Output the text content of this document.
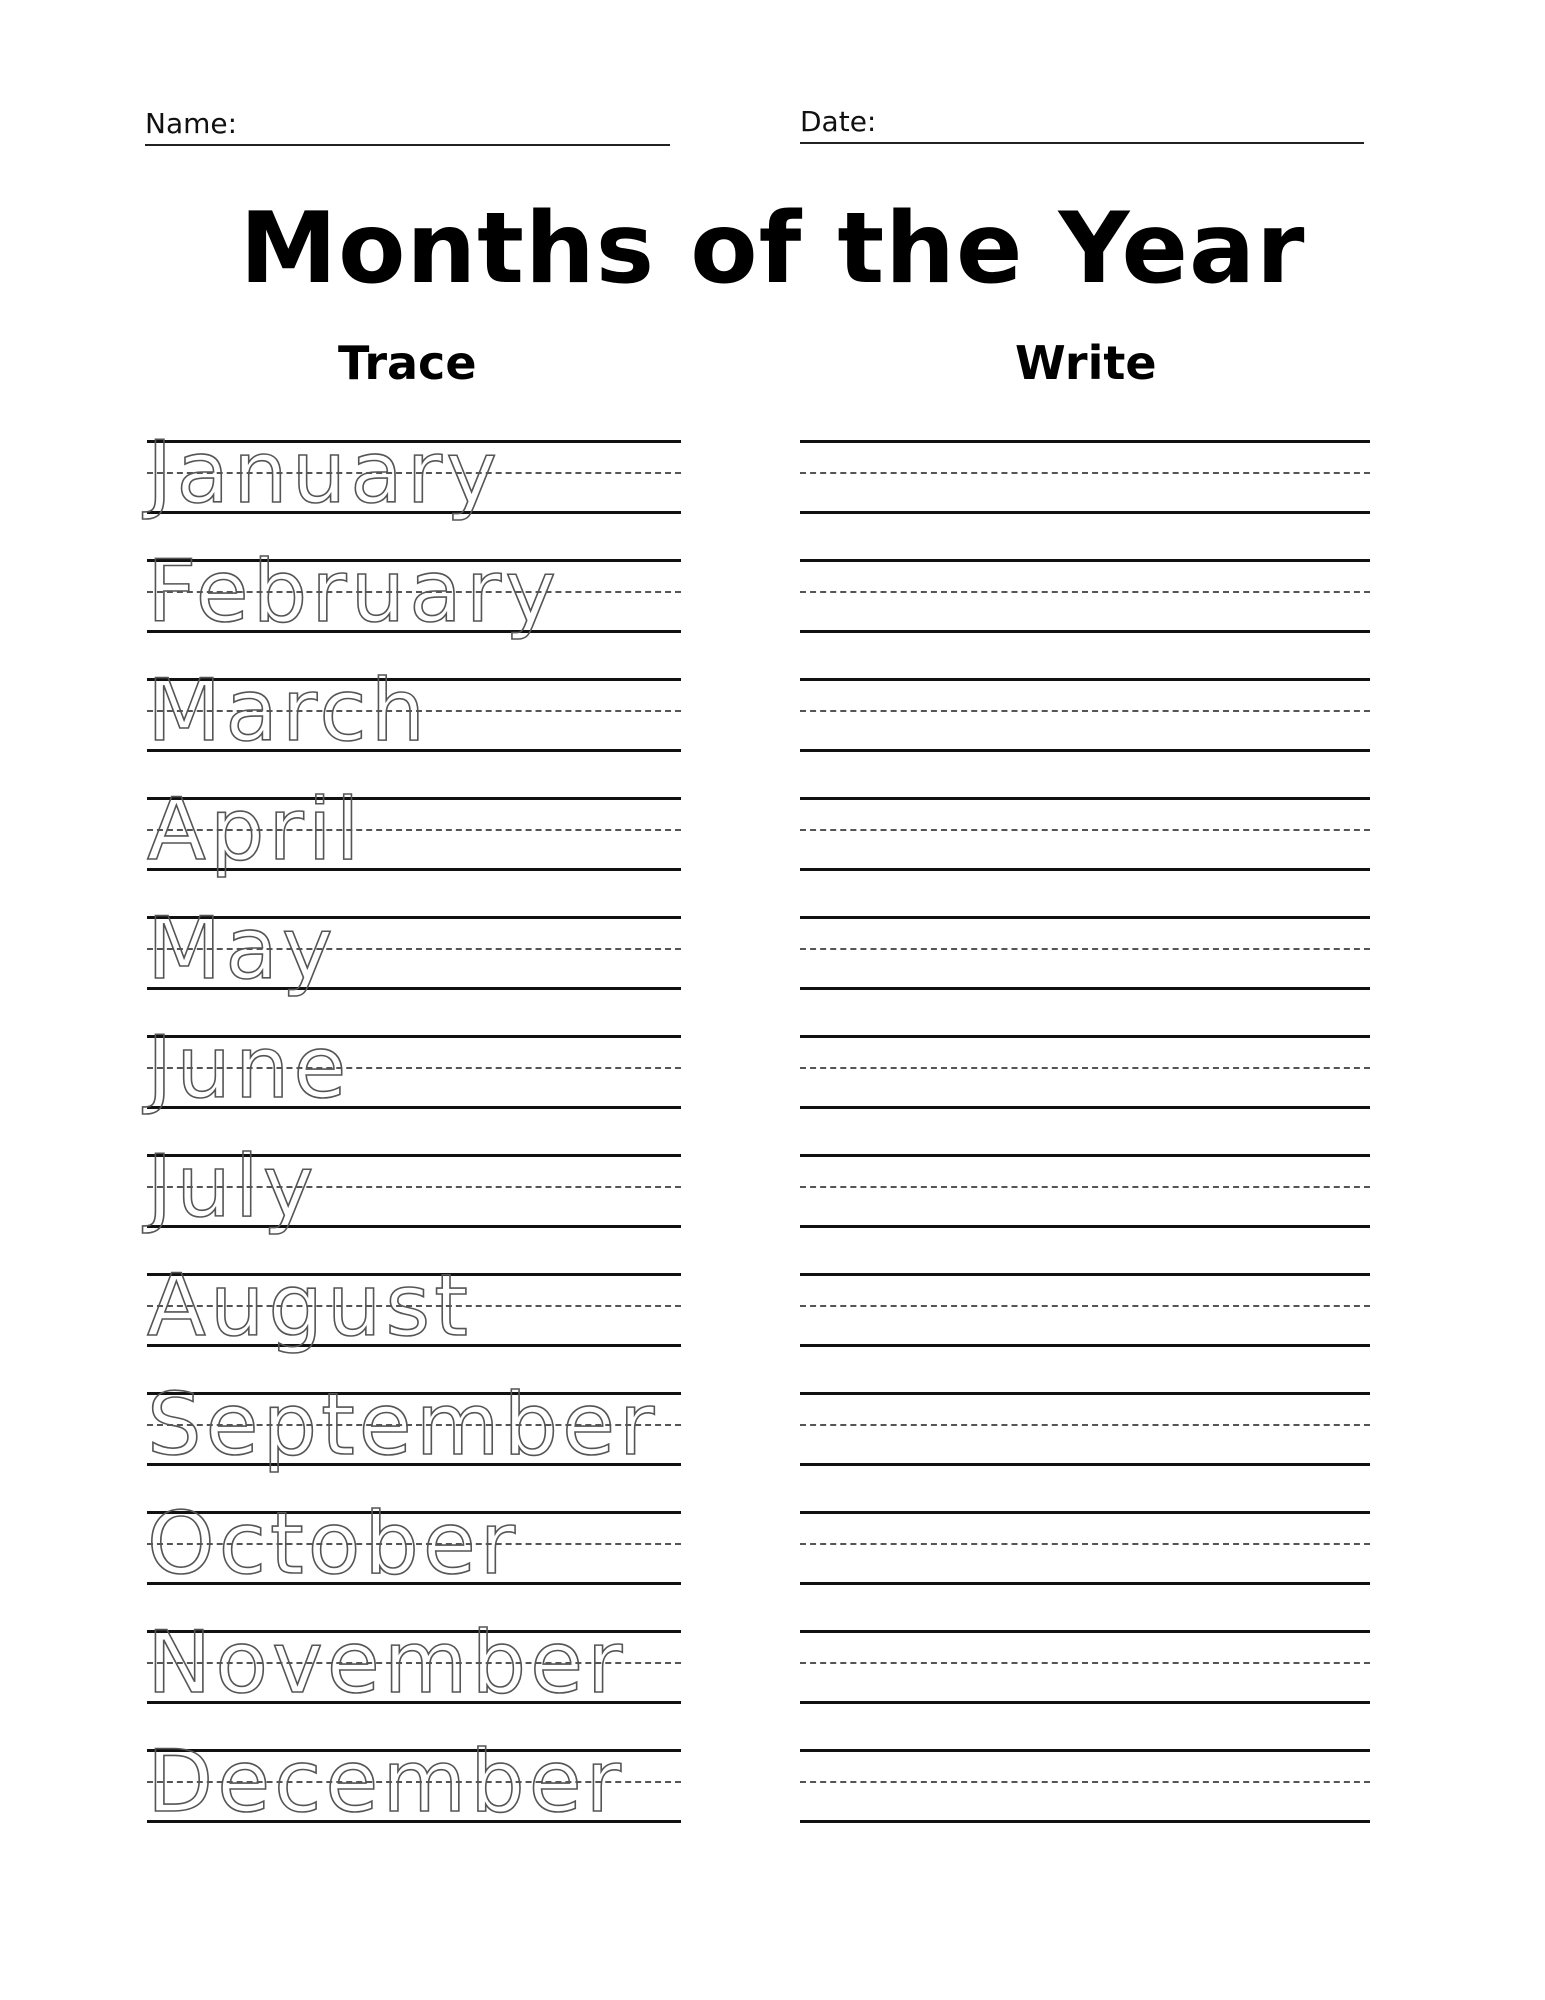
Name:	Date:
Months of the Year
Trace	Write
January
February
March
April
May
June
July
August
September
October
November
December
